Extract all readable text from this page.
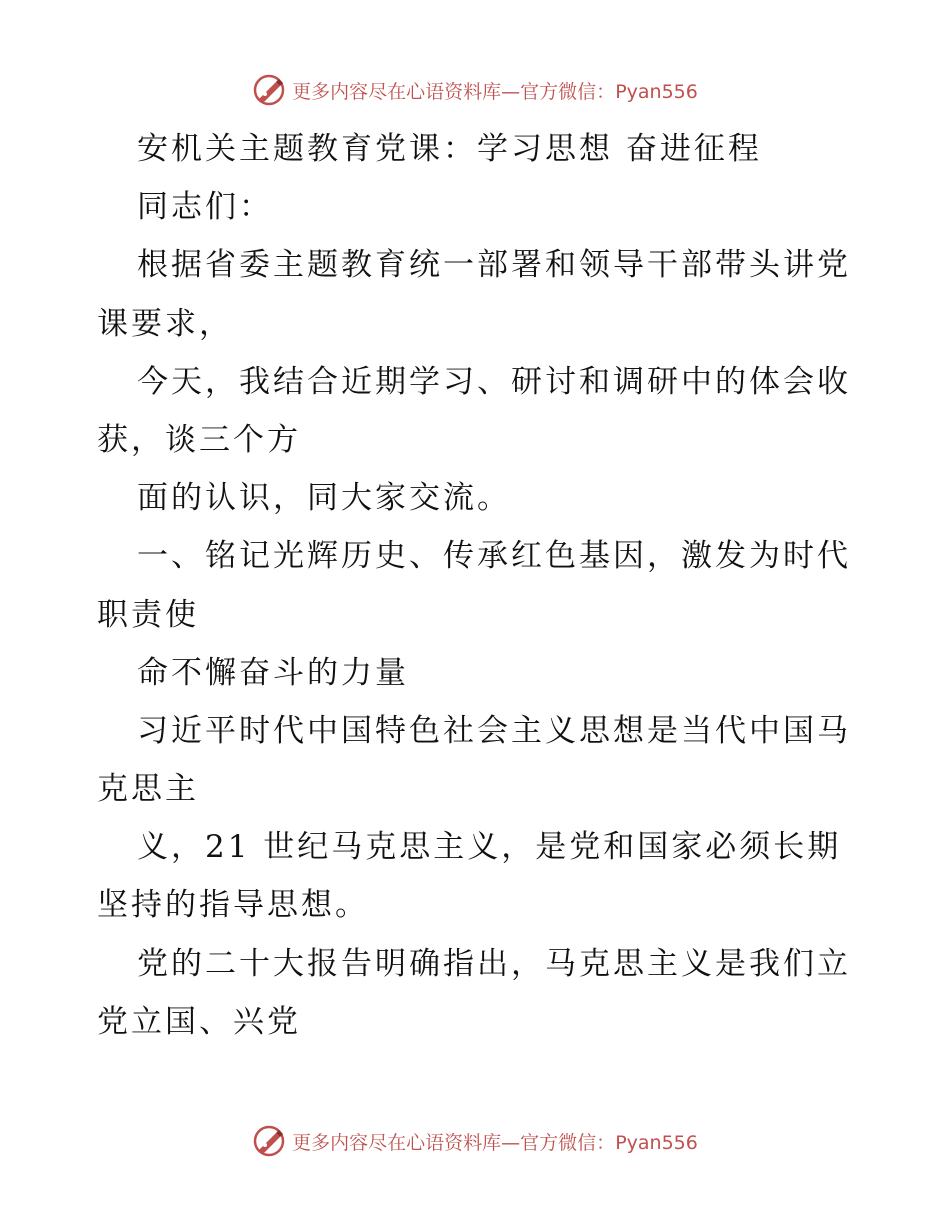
更多内容尽在心语资料库—官方微信：Pyan556
安机关主题教育党课：学习思想 奋进征程
同志们：
根据省委主题教育统一部署和领导干部带头讲党
课要求，
今天，我结合近期学习、研讨和调研中的体会收
获，谈三个方
面的认识，同大家交流。
一、铭记光辉历史、传承红色基因，激发为时代
职责使
命不懈奋斗的力量
习近平时代中国特色社会主义思想是当代中国马
克思主
义，21 世纪马克思主义，是党和国家必须长期
坚持的指导思想。
党的二十大报告明确指出，马克思主义是我们立
党立国、兴党
更多内容尽在心语资料库—官方微信：Pyan556
